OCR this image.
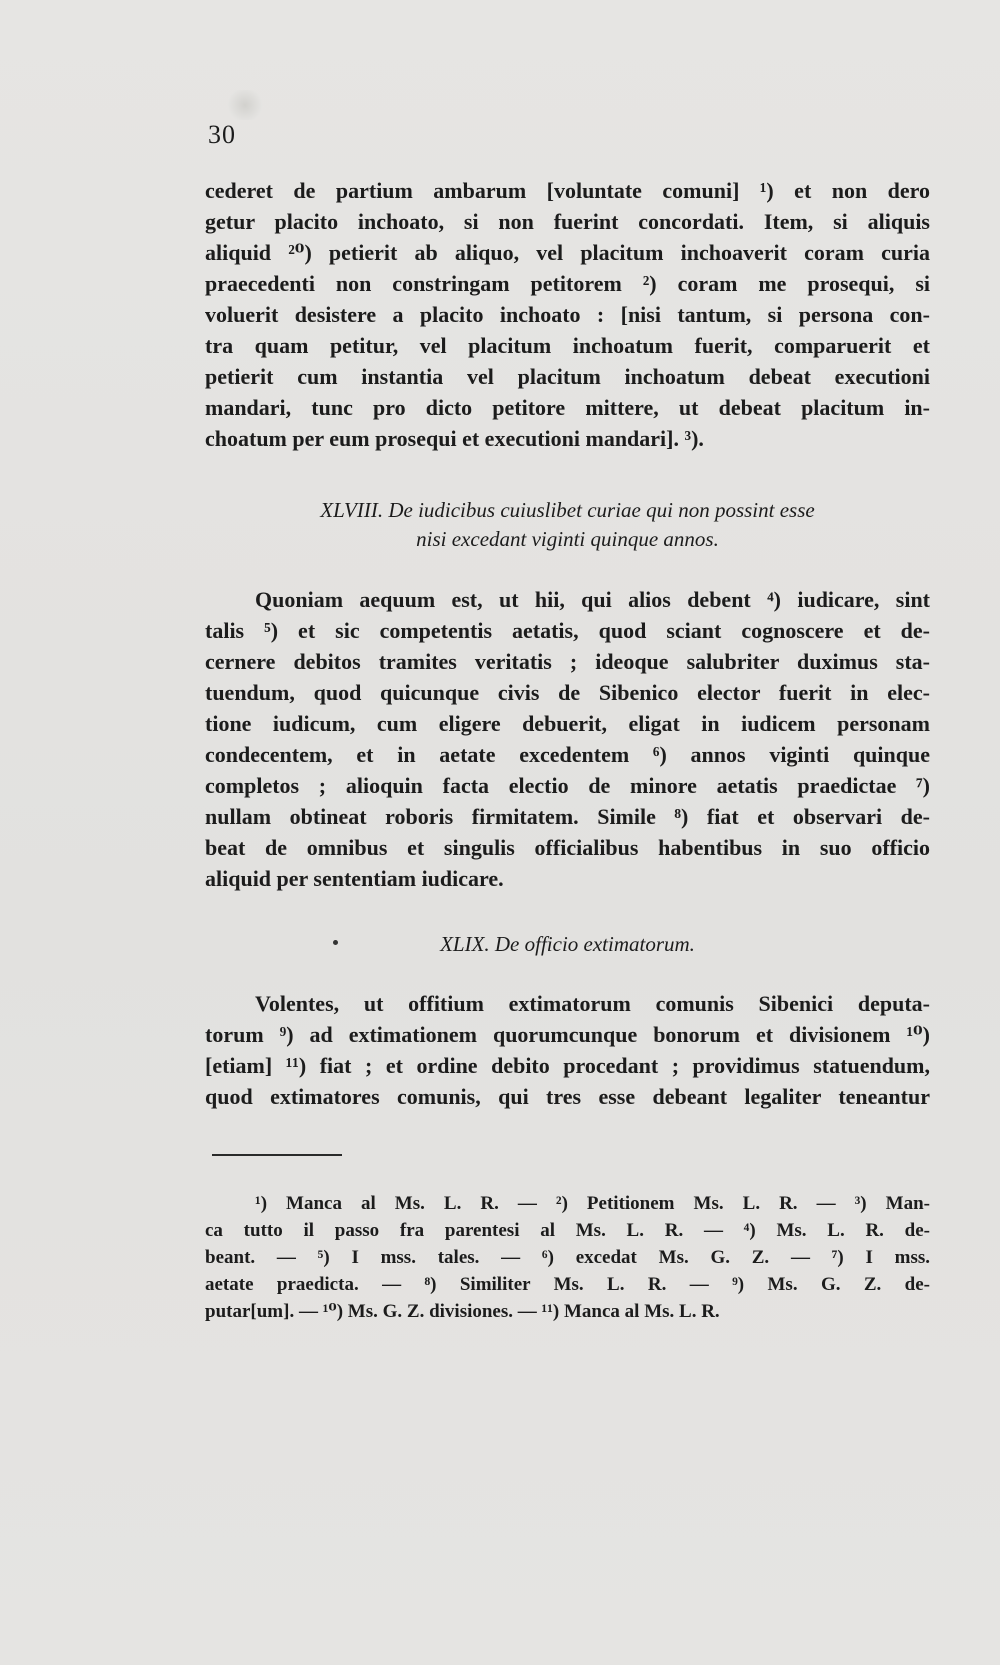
30
cederet de partium ambarum [voluntate comuni] ¹) et non dero
getur placito inchoato, si non fuerint concordati. Item, si aliquis
aliquid ²⁰) petierit ab aliquo, vel placitum inchoaverit coram curia
praecedenti non constringam petitorem ²) coram me prosequi, si
voluerit desistere a placito inchoato : [nisi tantum, si persona con-
tra quam petitur, vel placitum inchoatum fuerit, comparuerit et
petierit cum instantia vel placitum inchoatum debeat executioni
mandari, tunc pro dicto petitore mittere, ut debeat placitum in-
choatum per eum prosequi et executioni mandari]. ³).
XLVIII. De iudicibus cuiuslibet curiae qui non possint esse
nisi excedant viginti quinque annos.
Quoniam aequum est, ut hii, qui alios debent ⁴) iudicare, sint
talis ⁵) et sic competentis aetatis, quod sciant cognoscere et de-
cernere debitos tramites veritatis ; ideoque salubriter duximus sta-
tuendum, quod quicunque civis de Sibenico elector fuerit in elec-
tione iudicum, cum eligere debuerit, eligat in iudicem personam
condecentem, et in aetate excedentem ⁶) annos viginti quinque
completos ; alioquin facta electio de minore aetatis praedictae ⁷)
nullam obtineat roboris firmitatem. Simile ⁸) fiat et observari de-
beat de omnibus et singulis officialibus habentibus in suo officio
aliquid per sententiam iudicare.
XLIX. De officio extimatorum.
Volentes, ut offitium extimatorum comunis Sibenici deputa-
torum ⁹) ad extimationem quorumcunque bonorum et divisionem ¹⁰)
[etiam] ¹¹) fiat ; et ordine debito procedant ; providimus statuendum,
quod extimatores comunis, qui tres esse debeant legaliter teneantur
¹) Manca al Ms. L. R. — ²) Petitionem Ms. L. R. — ³) Man-
ca tutto il passo fra parentesi al Ms. L. R. — ⁴) Ms. L. R. de-
beant. — ⁵) I mss. tales. — ⁶) excedat Ms. G. Z. — ⁷) I mss.
aetate praedicta. — ⁸) Similiter Ms. L. R. — ⁹) Ms. G. Z. de-
putar[um]. — ¹⁰) Ms. G. Z. divisiones. — ¹¹) Manca al Ms. L. R.
